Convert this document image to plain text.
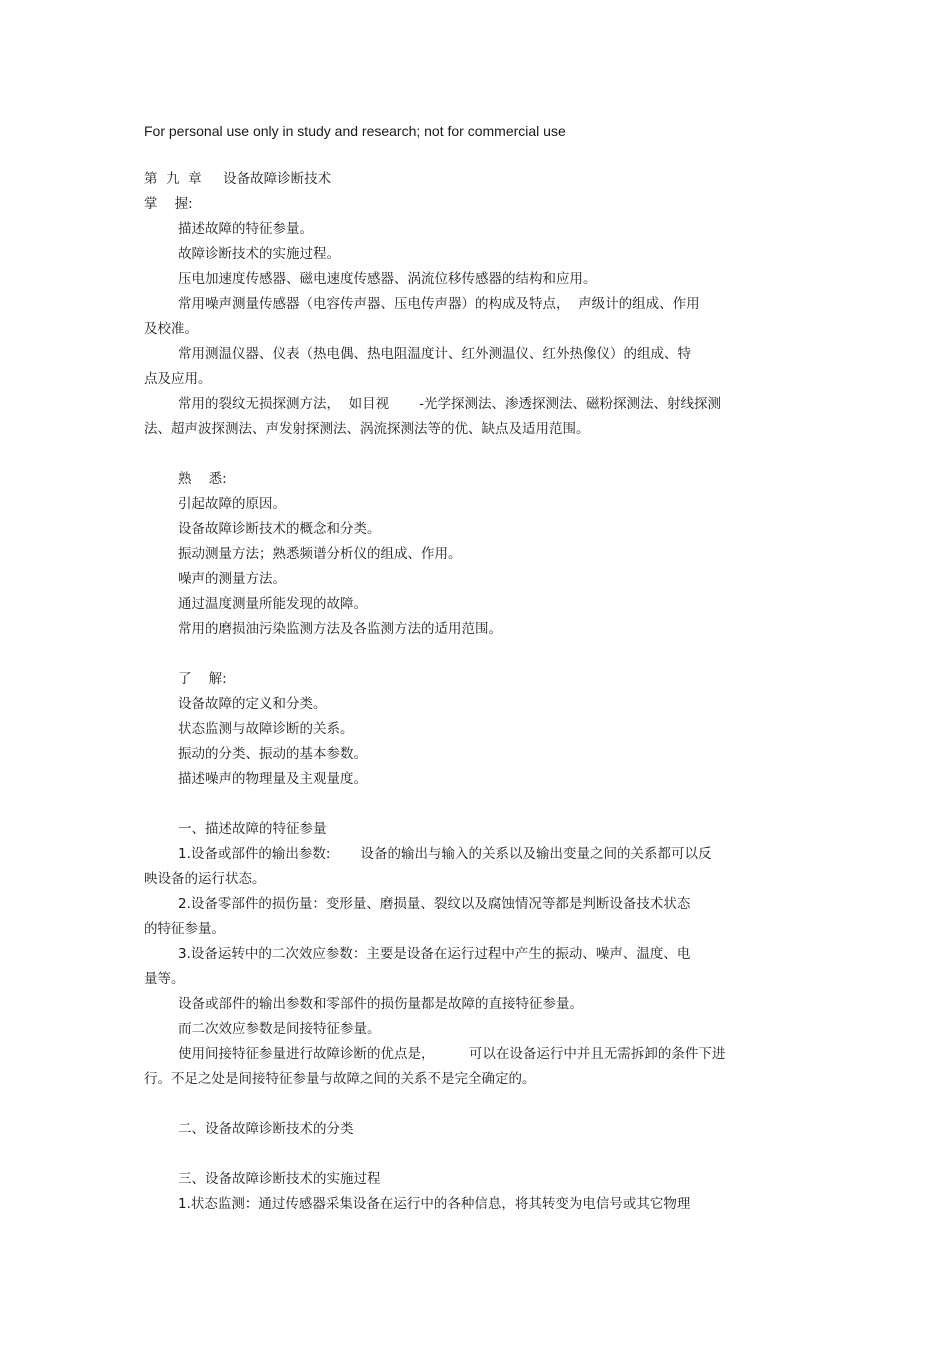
For personal use only in study and research; not for commercial use
第  九  章     设备故障诊断技术
掌    握:
描述故障的特征参量。
故障诊断技术的实施过程。
压电加速度传感器、磁电速度传感器、涡流位移传感器的结构和应用。
常用噪声测量传感器（电容传声器、压电传声器）的构成及特点，  声级计的组成、作用
及校准。
常用测温仪器、仪表（热电偶、热电阻温度计、红外测温仪、红外热像仪）的组成、特
点及应用。
常用的裂纹无损探测方法，  如目视       -光学探测法、渗透探测法、磁粉探测法、射线探测
法、超声波探测法、声发射探测法、涡流探测法等的优、缺点及适用范围。
熟    悉:
引起故障的原因。
设备故障诊断技术的概念和分类。
振动测量方法；熟悉频谱分析仪的组成、作用。
噪声的测量方法。
通过温度测量所能发现的故障。
常用的磨损油污染监测方法及各监测方法的适用范围。
了    解:
设备故障的定义和分类。
状态监测与故障诊断的关系。
振动的分类、振动的基本参数。
描述噪声的物理量及主观量度。
一、描述故障的特征参量
1.设备或部件的输出参数:       设备的输出与输入的关系以及输出变量之间的关系都可以反
映设备的运行状态。
2.设备零部件的损伤量：变形量、磨损量、裂纹以及腐蚀情况等都是判断设备技术状态
的特征参量。
3.设备运转中的二次效应参数：主要是设备在运行过程中产生的振动、噪声、温度、电
量等。
设备或部件的输出参数和零部件的损伤量都是故障的直接特征参量。
而二次效应参数是间接特征参量。
使用间接特征参量进行故障诊断的优点是，        可以在设备运行中并且无需拆卸的条件下进
行。不足之处是间接特征参量与故障之间的关系不是完全确定的。
二、设备故障诊断技术的分类
三、设备故障诊断技术的实施过程
1.状态监测：通过传感器采集设备在运行中的各种信息，将其转变为电信号或其它物理
